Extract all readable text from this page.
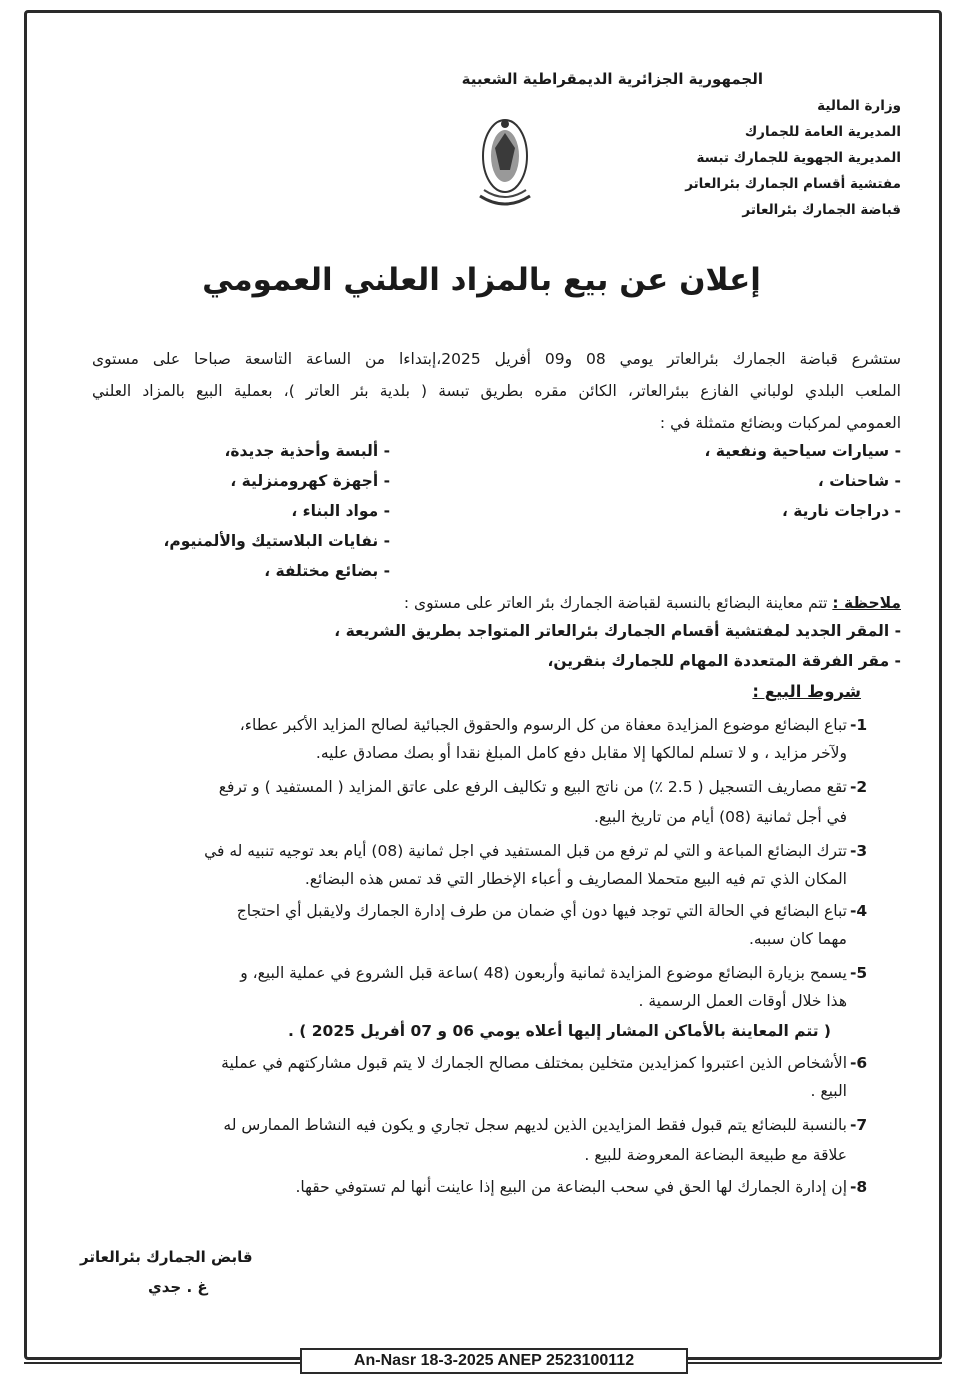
الجمهورية الجزائرية الديمقراطية الشعبية
وزارة المالية
المديرية العامة للجمارك
المديرية الجهوية للجمارك تبسة
مفتشية أقسام الجمارك بئرالعاتر
قباضة الجمارك بئرالعاتر
إعلان عن بيع بالمزاد العلني العمومي
ستشرع قباضة الجمارك بئرالعاتر يومي 08 و09 أفريل 2025،إبتداءا من الساعة التاسعة صباحا على مستوى
الملعب البلدي لولباني الفازع ببئرالعاتر، الكائن مقره بطريق تبسة ( بلدية بئر العاتر )، بعملية البيع بالمزاد العلني
العمومي لمركبات وبضائع متمثلة في :
- سيارات سياحية ونفعية ،
- شاحنات ،
- دراجات نارية ،
- ألبسة وأحذية جديدة،
- أجهزة كهرومنزلية ،
- مواد البناء ،
- نفايات البلاستيك والألمنيوم،
- بضائع مختلفة ،
ملاحظة : تتم معاينة البضائع بالنسبة لقباضة الجمارك بئر العاتر على مستوى :
- المقر الجديد لمفتشية أقسام الجمارك بئرالعاتر المتواجد بطريق الشريعة ،
- مقر الفرقة المتعددة المهام للجمارك بنقرين،
شروط البيع :
-1
تباع البضائع موضوع المزايدة معفاة من كل الرسوم والحقوق الجبائية لصالح المزايد الأكبر عطاء،
ولآخر مزايد ، و لا تسلم لمالكها إلا مقابل دفع كامل المبلغ نقدا أو بصك مصادق عليه.
-2
تقع مصاريف التسجيل ( 2.5 ٪) من ناتج البيع و تكاليف الرفع على عاتق المزايد ( المستفيد ) و ترفع
في أجل ثمانية (08) أيام من تاريخ البيع.
-3
تترك البضائع المباعة و التي لم ترفع من قبل المستفيد في اجل ثمانية (08) أيام بعد توجيه تنبيه له في
المكان الذي تم فيه البيع متحملا المصاريف و أعباء الإخطار التي قد تمس هذه البضائع.
-4
تباع البضائع في الحالة التي توجد فيها دون أي ضمان من طرف إدارة الجمارك ولايقبل أي احتجاج
مهما كان سببه.
-5
يسمح بزيارة البضائع موضوع المزايدة ثمانية وأربعون (48 )ساعة قبل الشروع في عملية البيع، و
هذا خلال أوقات العمل الرسمية .
( تتم المعاينة بالأماكن المشار إليها أعلاه يومي 06 و 07 أفريل 2025 ) .
-6
الأشخاص الذين اعتبروا كمزايدين متخلين بمختلف مصالح الجمارك لا يتم قبول مشاركتهم في عملية
البيع .
-7
بالنسبة للبضائع يتم قبول فقط المزايدين الذين لديهم سجل تجاري و يكون فيه النشاط الممارس له
علاقة مع طبيعة البضاعة المعروضة للبيع .
-8
إن إدارة الجمارك لها الحق في سحب البضاعة من البيع إذا عاينت أنها لم تستوفي حقها.
قابض الجمارك بئرالعاتر
غ . جدي
An-Nasr 18-3-2025 ANEP 2523100112
